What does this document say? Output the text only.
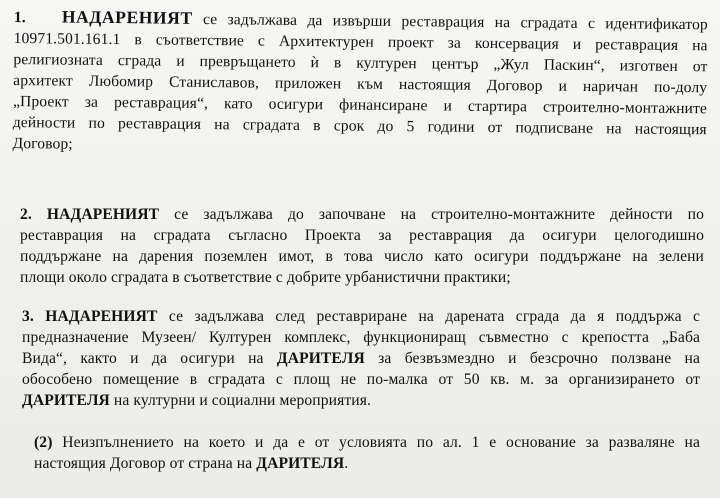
1. НАДАРЕНИЯТ се задължава да извърши реставрация на сградата с идентификатор
10971.501.161.1 в съответствие с Архитектурен проект за консервация и реставрация на
религиозната сграда и превръщането ѝ в културен център „Жул Паскин“, изготвен от
архитект Любомир Станиславов, приложен към настоящия Договор и наричан по-долу
„Проект за реставрация“, като осигури финансиране и стартира строително-монтажните
дейности по реставрация на сградата в срок до 5 години от подписване на настоящия
Договор;
2. НАДАРЕНИЯТ се задължава до започване на строително-монтажните дейности по
реставрация на сградата съгласно Проекта за реставрация да осигури целогодишно
поддържане на дарения поземлен имот, в това число като осигури поддържане на зелени
площи около сградата в съответствие с добрите урбанистични практики;
3. НАДАРЕНИЯТ се задължава след реставриране на дарената сграда да я поддържа с
предназначение Музеен/ Културен комплекс, функциониращ съвместно с крепостта „Баба
Вида“, както и да осигури на ДАРИТЕЛЯ за безвъзмездно и безсрочно ползване на
обособено помещение в сградата с площ не по-малка от 50 кв. м. за организирането от
ДАРИТЕЛЯ на културни и социални мероприятия.
(2) Неизпълнението на което и да е от условията по ал. 1 е основание за разваляне на
настоящия Договор от страна на ДАРИТЕЛЯ.
